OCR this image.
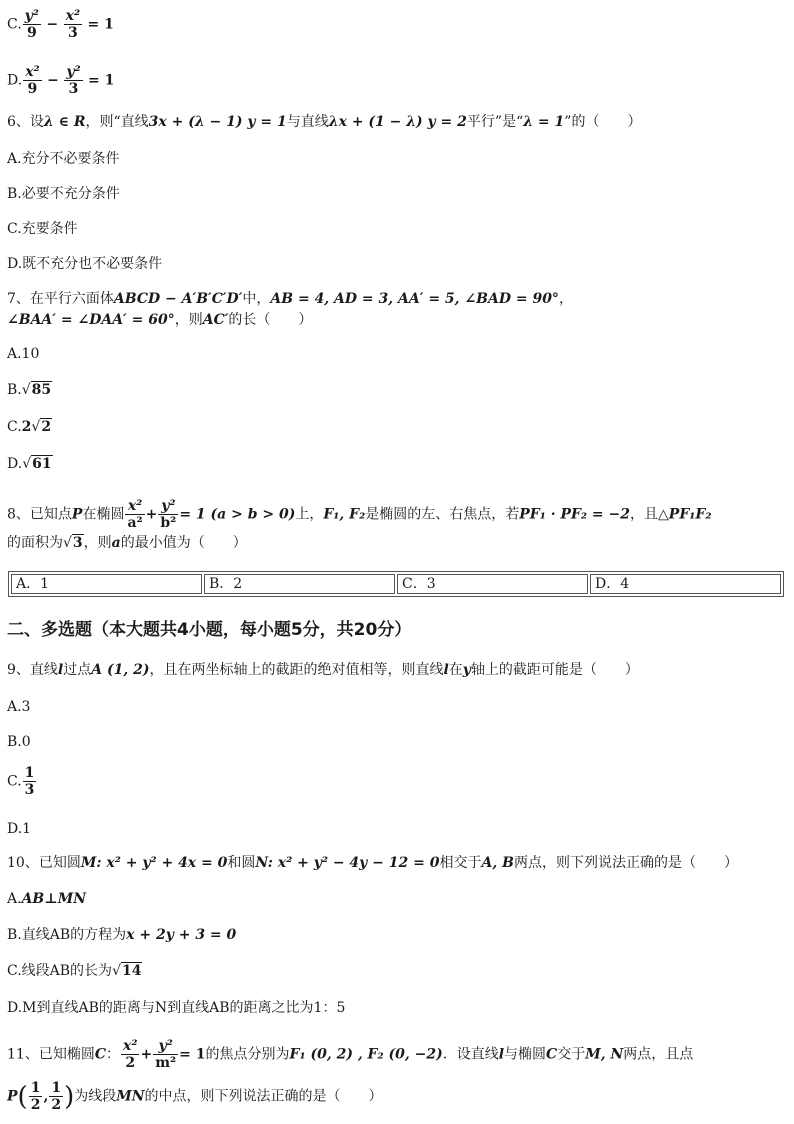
C. $\frac{\text{y²}}{9} - \frac{\text{x²}}{3} = 1$
D. $\frac{\text{x²}}{9} - \frac{\text{y²}}{3} = 1$
6、设λ ∈ R，则“直线3x + (λ − 1) y = 1与直线λx + (1 − λ) y = 2平行”是“λ = 1”的（　　）
A.充分不必要条件
B.必要不充分条件
C.充要条件
D.既不充分也不必要条件
7、在平行六面体ABCD − A′B′C′D′中，AB = 4, AD = 3, AA′ = 5, ∠BAD = 90°，
∠BAA′ = ∠DAA′ = 60°，则AC′的长（　　）
A.10
B.√85
C.2√2
D.√61
8、已知点P在椭圆 $\frac{\text{x²}}{\text{a²}} + \frac{\text{y²}}{\text{b²}} = 1$ (a > b > 0)上，F₁, F₂是椭圆的左、右焦点，若PF₁ · PF₂ = −2，且△PF₁F₂
的面积为√3，则a的最小值为（　　）
A．1	B．2	C．3	D．4
二、多选题（本大题共4小题，每小题5分，共20分）
9、直线l过点A (1, 2)，且在两坐标轴上的截距的绝对值相等，则直线l在y轴上的截距可能是（　　）
A.3
B.0
C. $\frac{1}{3}$
D.1
10、已知圆M: x² + y² + 4x = 0和圆N: x² + y² − 4y − 12 = 0相交于A, B两点，则下列说法正确的是（　　）
A.AB⊥MN
B.直线AB的方程为x + 2y + 3 = 0
C.线段AB的长为√14
D.M到直线AB的距离与N到直线AB的距离之比为1：5
11、已知椭圆C： $\frac{\text{x²}}{2} + \frac{\text{y²}}{\text{m²}} = 1$的焦点分别为F₁ (0, 2) , F₂ (0, −2)．设直线l与椭圆C交于M, N两点，且点
$P( \frac{1}{2}$ , $\frac{1}{2}$ )为线段MN的中点，则下列说法正确的是（　　）
